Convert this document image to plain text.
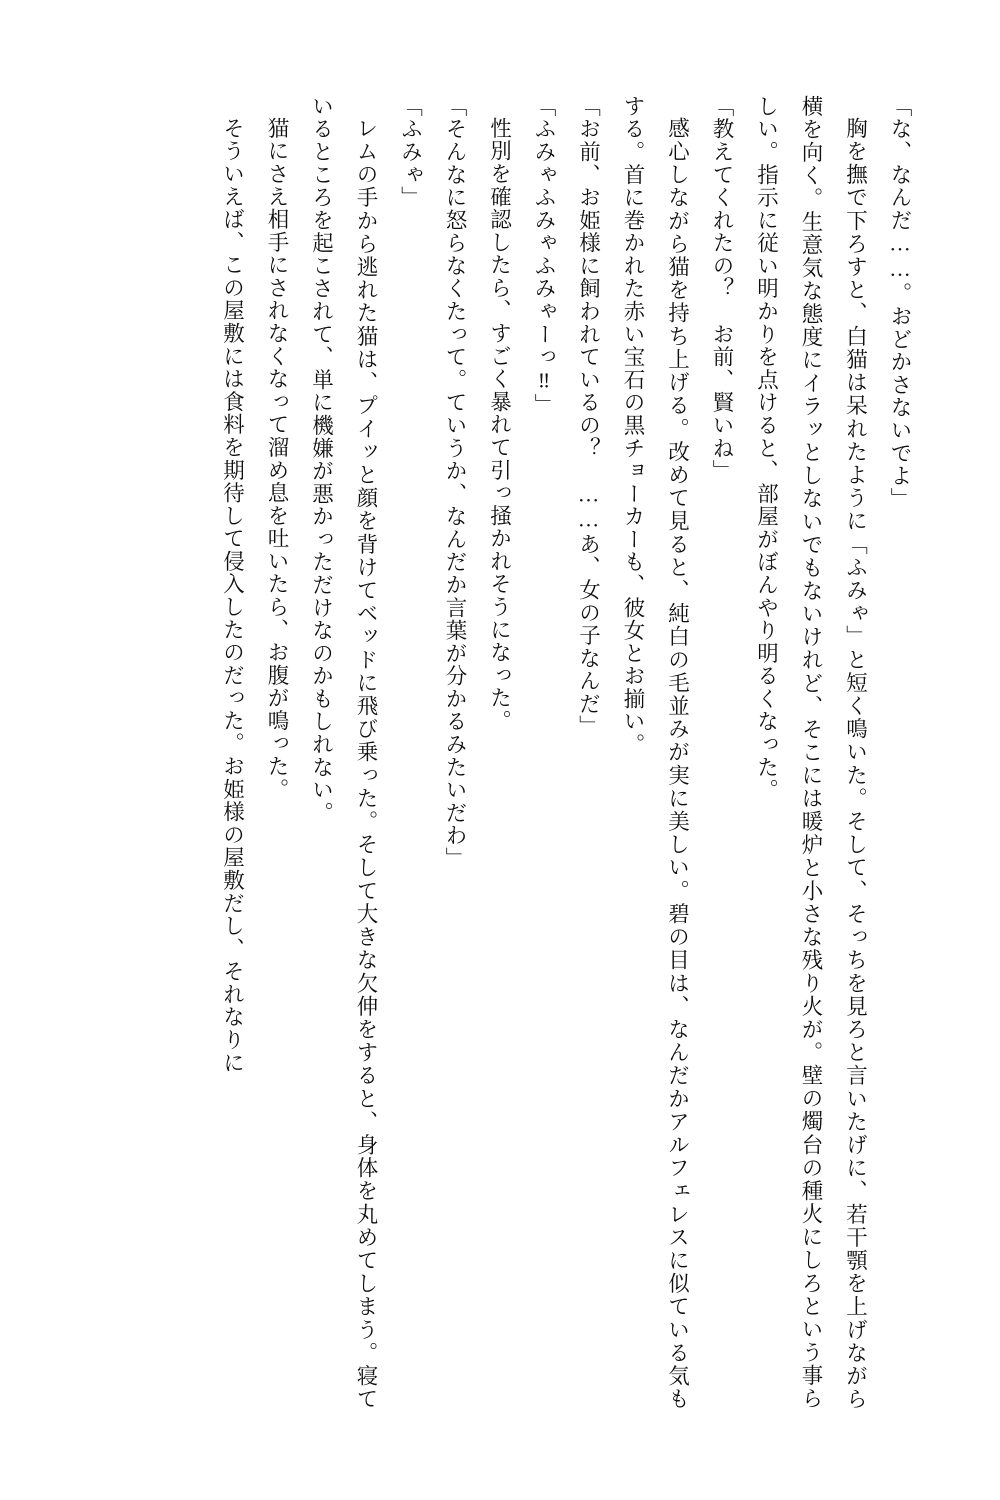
「な、なんだ……。おどかさないでよ」

胸を撫で下ろすと、白猫は呆れたように「ふみゃ」と短く鳴いた。そして、そっちを見ろと言いたげに、若干顎を上げながら横を向く。生意気な態度にイラッとしないでもないけれど、そこには暖炉と小さな残り火が。壁の燭台の種火にしろという事らしい。指示に従い明かりを点けると、部屋がぼんやり明るくなった。

「教えてくれたの？　お前、賢いね」

感心しながら猫を持ち上げる。改めて見ると、純白の毛並みが実に美しい。碧の目は、なんだかアルフェレスに似ている気もする。首に巻かれた赤い宝石の黒チョーカーも、彼女とお揃い。

「お前、お姫様に飼われているの？　……あ、女の子なんだ」

「ふみゃふみゃふみゃーっ‼」

性別を確認したら、すごく暴れて引っ掻かれそうになった。

「そんなに怒らなくたって。ていうか、なんだか言葉が分かるみたいだわ」

「ふみゃ」

レムの手から逃れた猫は、プイッと顔を背けてベッドに飛び乗った。そして大きな欠伸をすると、身体を丸めてしまう。寝ているところを起こされて、単に機嫌が悪かっただけなのかもしれない。

猫にさえ相手にされなくなって溜め息を吐いたら、お腹が鳴った。

そういえば、この屋敷には食料を期待して侵入したのだった。お姫様の屋敷だし、それなりに
